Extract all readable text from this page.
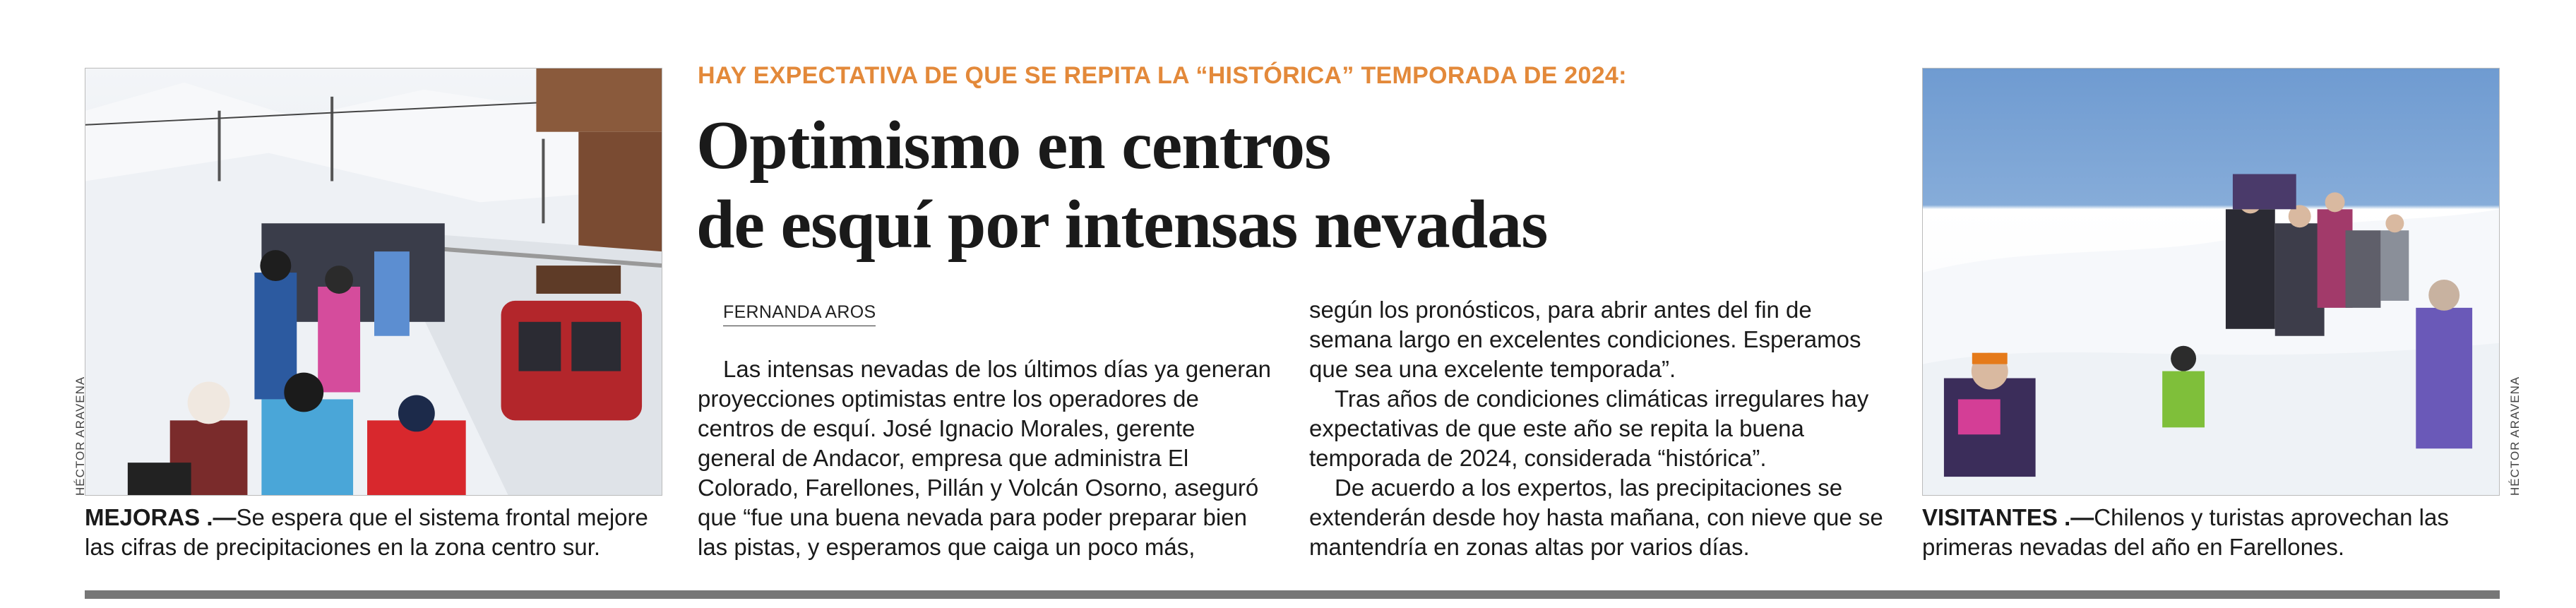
HÉCTOR ARAVENA
MEJORAS .—Se espera que el sistema frontal mejore las cifras de precipitaciones en la zona centro sur.
HAY EXPECTATIVA DE QUE SE REPITA LA “HISTÓRICA” TEMPORADA DE 2024:
Optimismo en centros
de esquí por intensas nevadas
FERNANDA AROS

Las intensas nevadas de los últimos días ya generan proyecciones optimistas entre los operadores de centros de esquí. José Ignacio Morales, gerente general de Andacor, empresa que administra El Colorado, Farellones, Pillán y Volcán Osorno, aseguró que “fue una buena nevada para poder preparar bien las pistas, y esperamos que caiga un poco más,

según los pronósticos, para abrir antes del fin de semana largo en excelentes condiciones. Esperamos que sea una excelente temporada”.

Tras años de condiciones climáticas irregulares hay expectativas de que este año se repita la buena temporada de 2024, considerada “histórica”.

De acuerdo a los expertos, las precipitaciones se extenderán desde hoy hasta mañana, con nieve que se mantendría en zonas altas por varios días.

HÉCTOR ARAVENA
VISITANTES .—Chilenos y turistas aprovechan las primeras nevadas del año en Farellones.
